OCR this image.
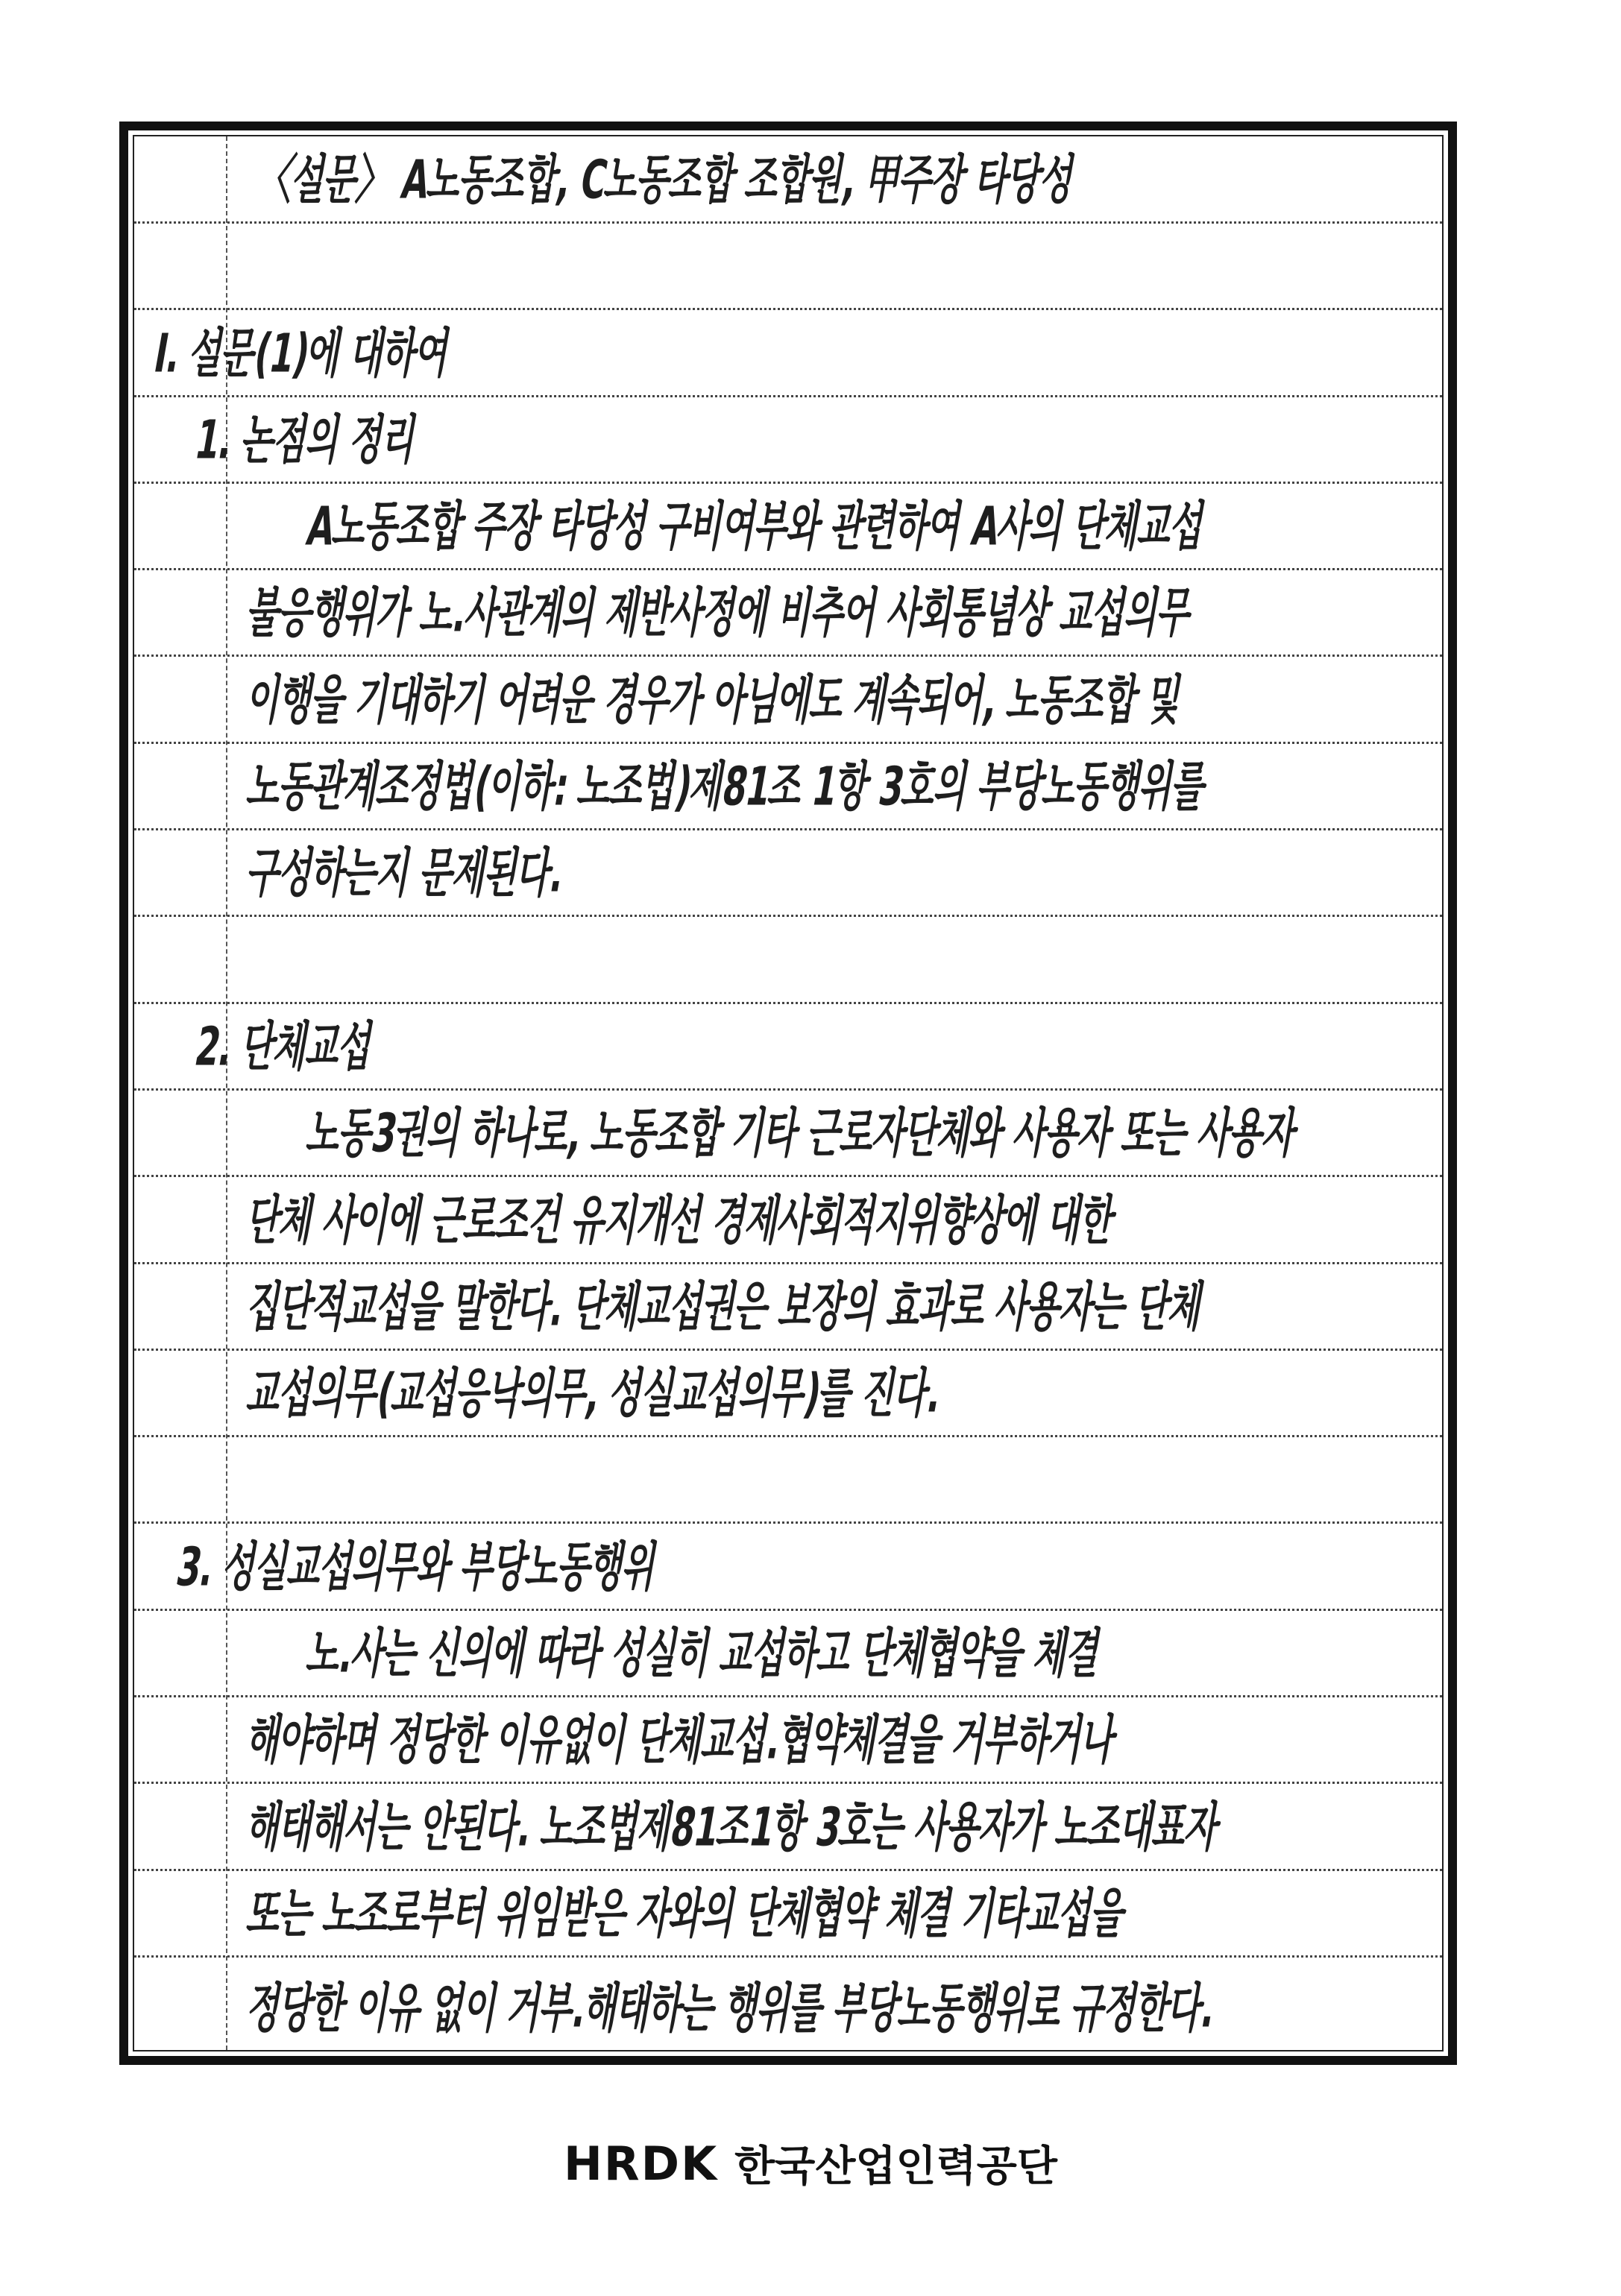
〈설문〉 A노동조합, C노동조합 조합원, 甲주장 타당성
I. 설문(1)에 대하여
1. 논점의 정리
A노동조합 주장 타당성 구비여부와 관련하여 A사의 단체교섭
불응행위가 노.사관계의 제반사정에 비추어 사회통념상 교섭의무
이행을 기대하기 어려운 경우가 아님에도 계속되어, 노동조합 및
노동관계조정법(이하: 노조법)제81조 1항 3호의 부당노동행위를
구성하는지 문제된다.
2. 단체교섭
노동3권의 하나로, 노동조합 기타 근로자단체와 사용자 또는 사용자
단체 사이에 근로조건 유지개선 경제사회적지위향상에 대한
집단적교섭을 말한다. 단체교섭권은 보장의 효과로 사용자는 단체
교섭의무(교섭응낙의무, 성실교섭의무)를 진다.
3. 성실교섭의무와 부당노동행위
노.사는 신의에 따라 성실히 교섭하고 단체협약을 체결
해야하며 정당한 이유없이 단체교섭.협약체결을 거부하거나
해태해서는 안된다. 노조법제81조1항 3호는 사용자가 노조대표자
또는 노조로부터 위임받은 자와의 단체협약 체결 기타교섭을
정당한 이유 없이 거부.해태하는 행위를 부당노동행위로 규정한다.
HRDK 한국산업인력공단
